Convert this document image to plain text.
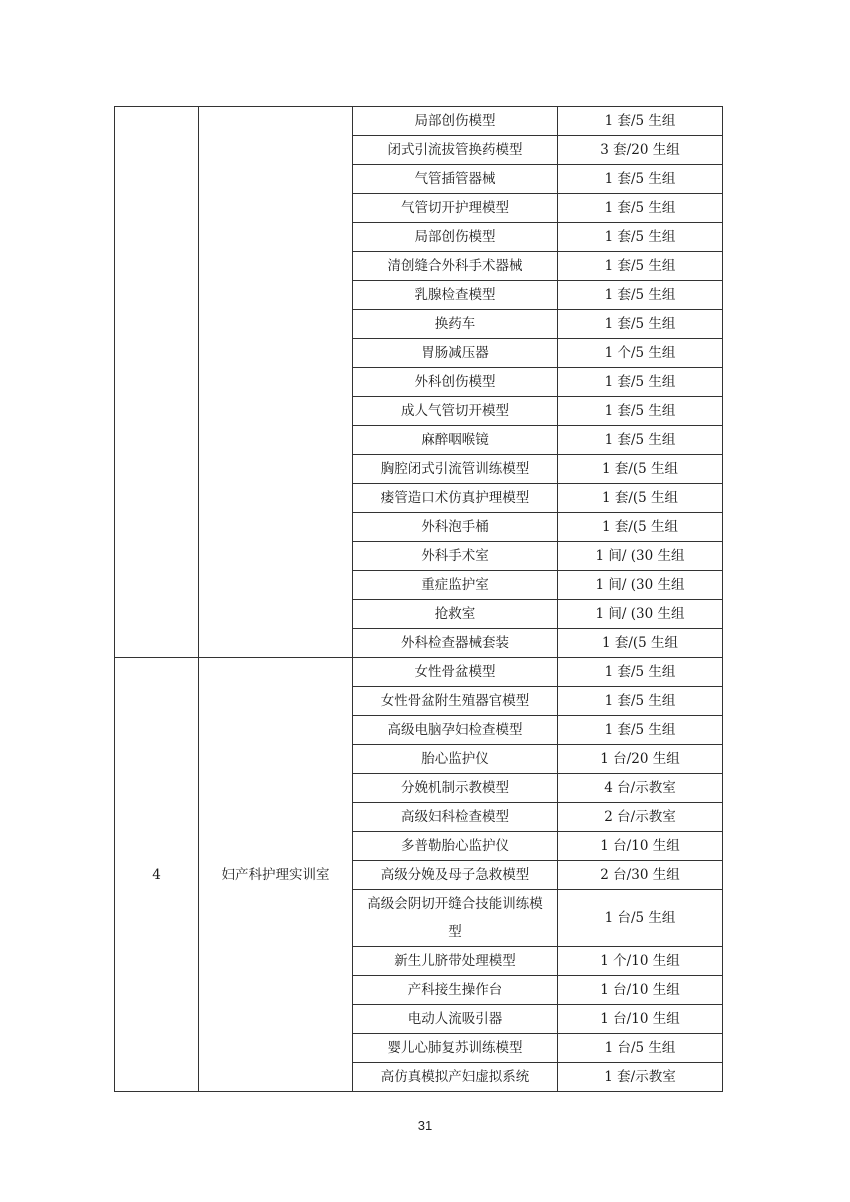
		局部创伤模型	1 套/5 生组
		闭式引流拔管换药模型	3 套/20 生组
		气管插管器械	1 套/5 生组
		气管切开护理模型	1 套/5 生组
		局部创伤模型	1 套/5 生组
		清创缝合外科手术器械	1 套/5 生组
		乳腺检查模型	1 套/5 生组
		换药车	1 套/5 生组
		胃肠减压器	1 个/5 生组
		外科创伤模型	1 套/5 生组
		成人气管切开模型	1 套/5 生组
		麻醉咽喉镜	1 套/5 生组
		胸腔闭式引流管训练模型	1 套/(5 生组
		瘘管造口术仿真护理模型	1 套/(5 生组
		外科泡手桶	1 套/(5 生组
		外科手术室	1 间/ (30 生组
		重症监护室	1 间/ (30 生组
		抢救室	1 间/ (30 生组
		外科检查器械套装	1 套/(5 生组
4	妇产科护理实训室	女性骨盆模型	1 套/5 生组
		女性骨盆附生殖器官模型	1 套/5 生组
		高级电脑孕妇检查模型	1 套/5 生组
		胎心监护仪	1 台/20 生组
		分娩机制示教模型	4 台/示教室
		高级妇科检查模型	2 台/示教室
		多普勒胎心监护仪	1 台/10 生组
		高级分娩及母子急救模型	2 台/30 生组
		高级会阴切开缝合技能训练模型	1 台/5 生组
		新生儿脐带处理模型	1 个/10 生组
		产科接生操作台	1 台/10 生组
		电动人流吸引器	1 台/10 生组
		婴儿心肺复苏训练模型	1 台/5 生组
		高仿真模拟产妇虚拟系统	1 套/示教室
31
